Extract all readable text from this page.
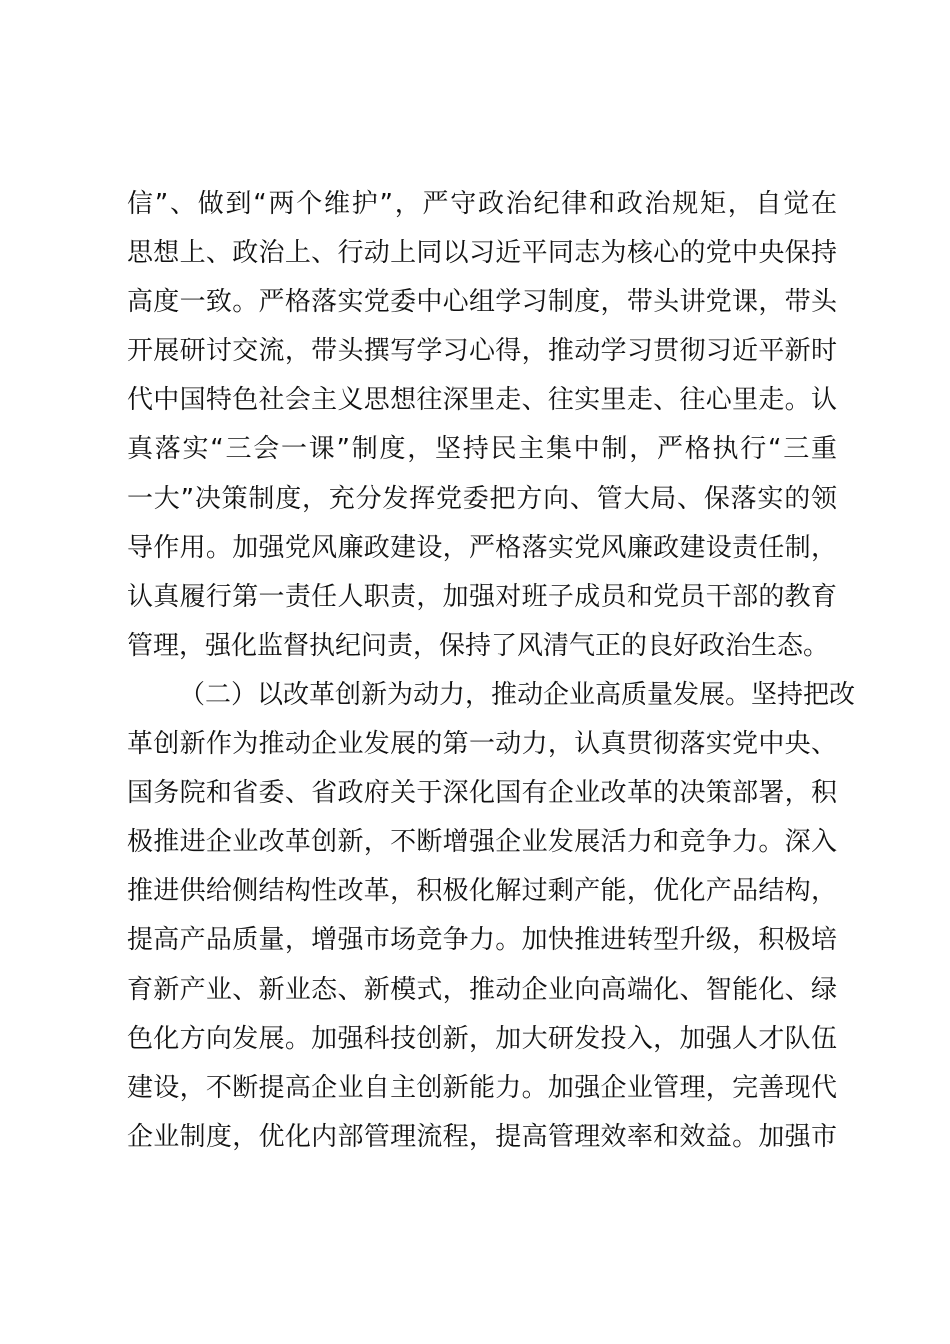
信”、做到“两个维护”，严守政治纪律和政治规矩，自觉在
思想上、政治上、行动上同以习近平同志为核心的党中央保持
高度一致。严格落实党委中心组学习制度，带头讲党课，带头
开展研讨交流，带头撰写学习心得，推动学习贯彻习近平新时
代中国特色社会主义思想往深里走、往实里走、往心里走。认
真落实“三会一课”制度，坚持民主集中制，严格执行“三重
一大”决策制度，充分发挥党委把方向、管大局、保落实的领
导作用。加强党风廉政建设，严格落实党风廉政建设责任制，
认真履行第一责任人职责，加强对班子成员和党员干部的教育
管理，强化监督执纪问责，保持了风清气正的良好政治生态。
（二）以改革创新为动力，推动企业高质量发展。坚持把改
革创新作为推动企业发展的第一动力，认真贯彻落实党中央、
国务院和省委、省政府关于深化国有企业改革的决策部署，积
极推进企业改革创新，不断增强企业发展活力和竞争力。深入
推进供给侧结构性改革，积极化解过剩产能，优化产品结构，
提高产品质量，增强市场竞争力。加快推进转型升级，积极培
育新产业、新业态、新模式，推动企业向高端化、智能化、绿
色化方向发展。加强科技创新，加大研发投入，加强人才队伍
建设，不断提高企业自主创新能力。加强企业管理，完善现代
企业制度，优化内部管理流程，提高管理效率和效益。加强市
